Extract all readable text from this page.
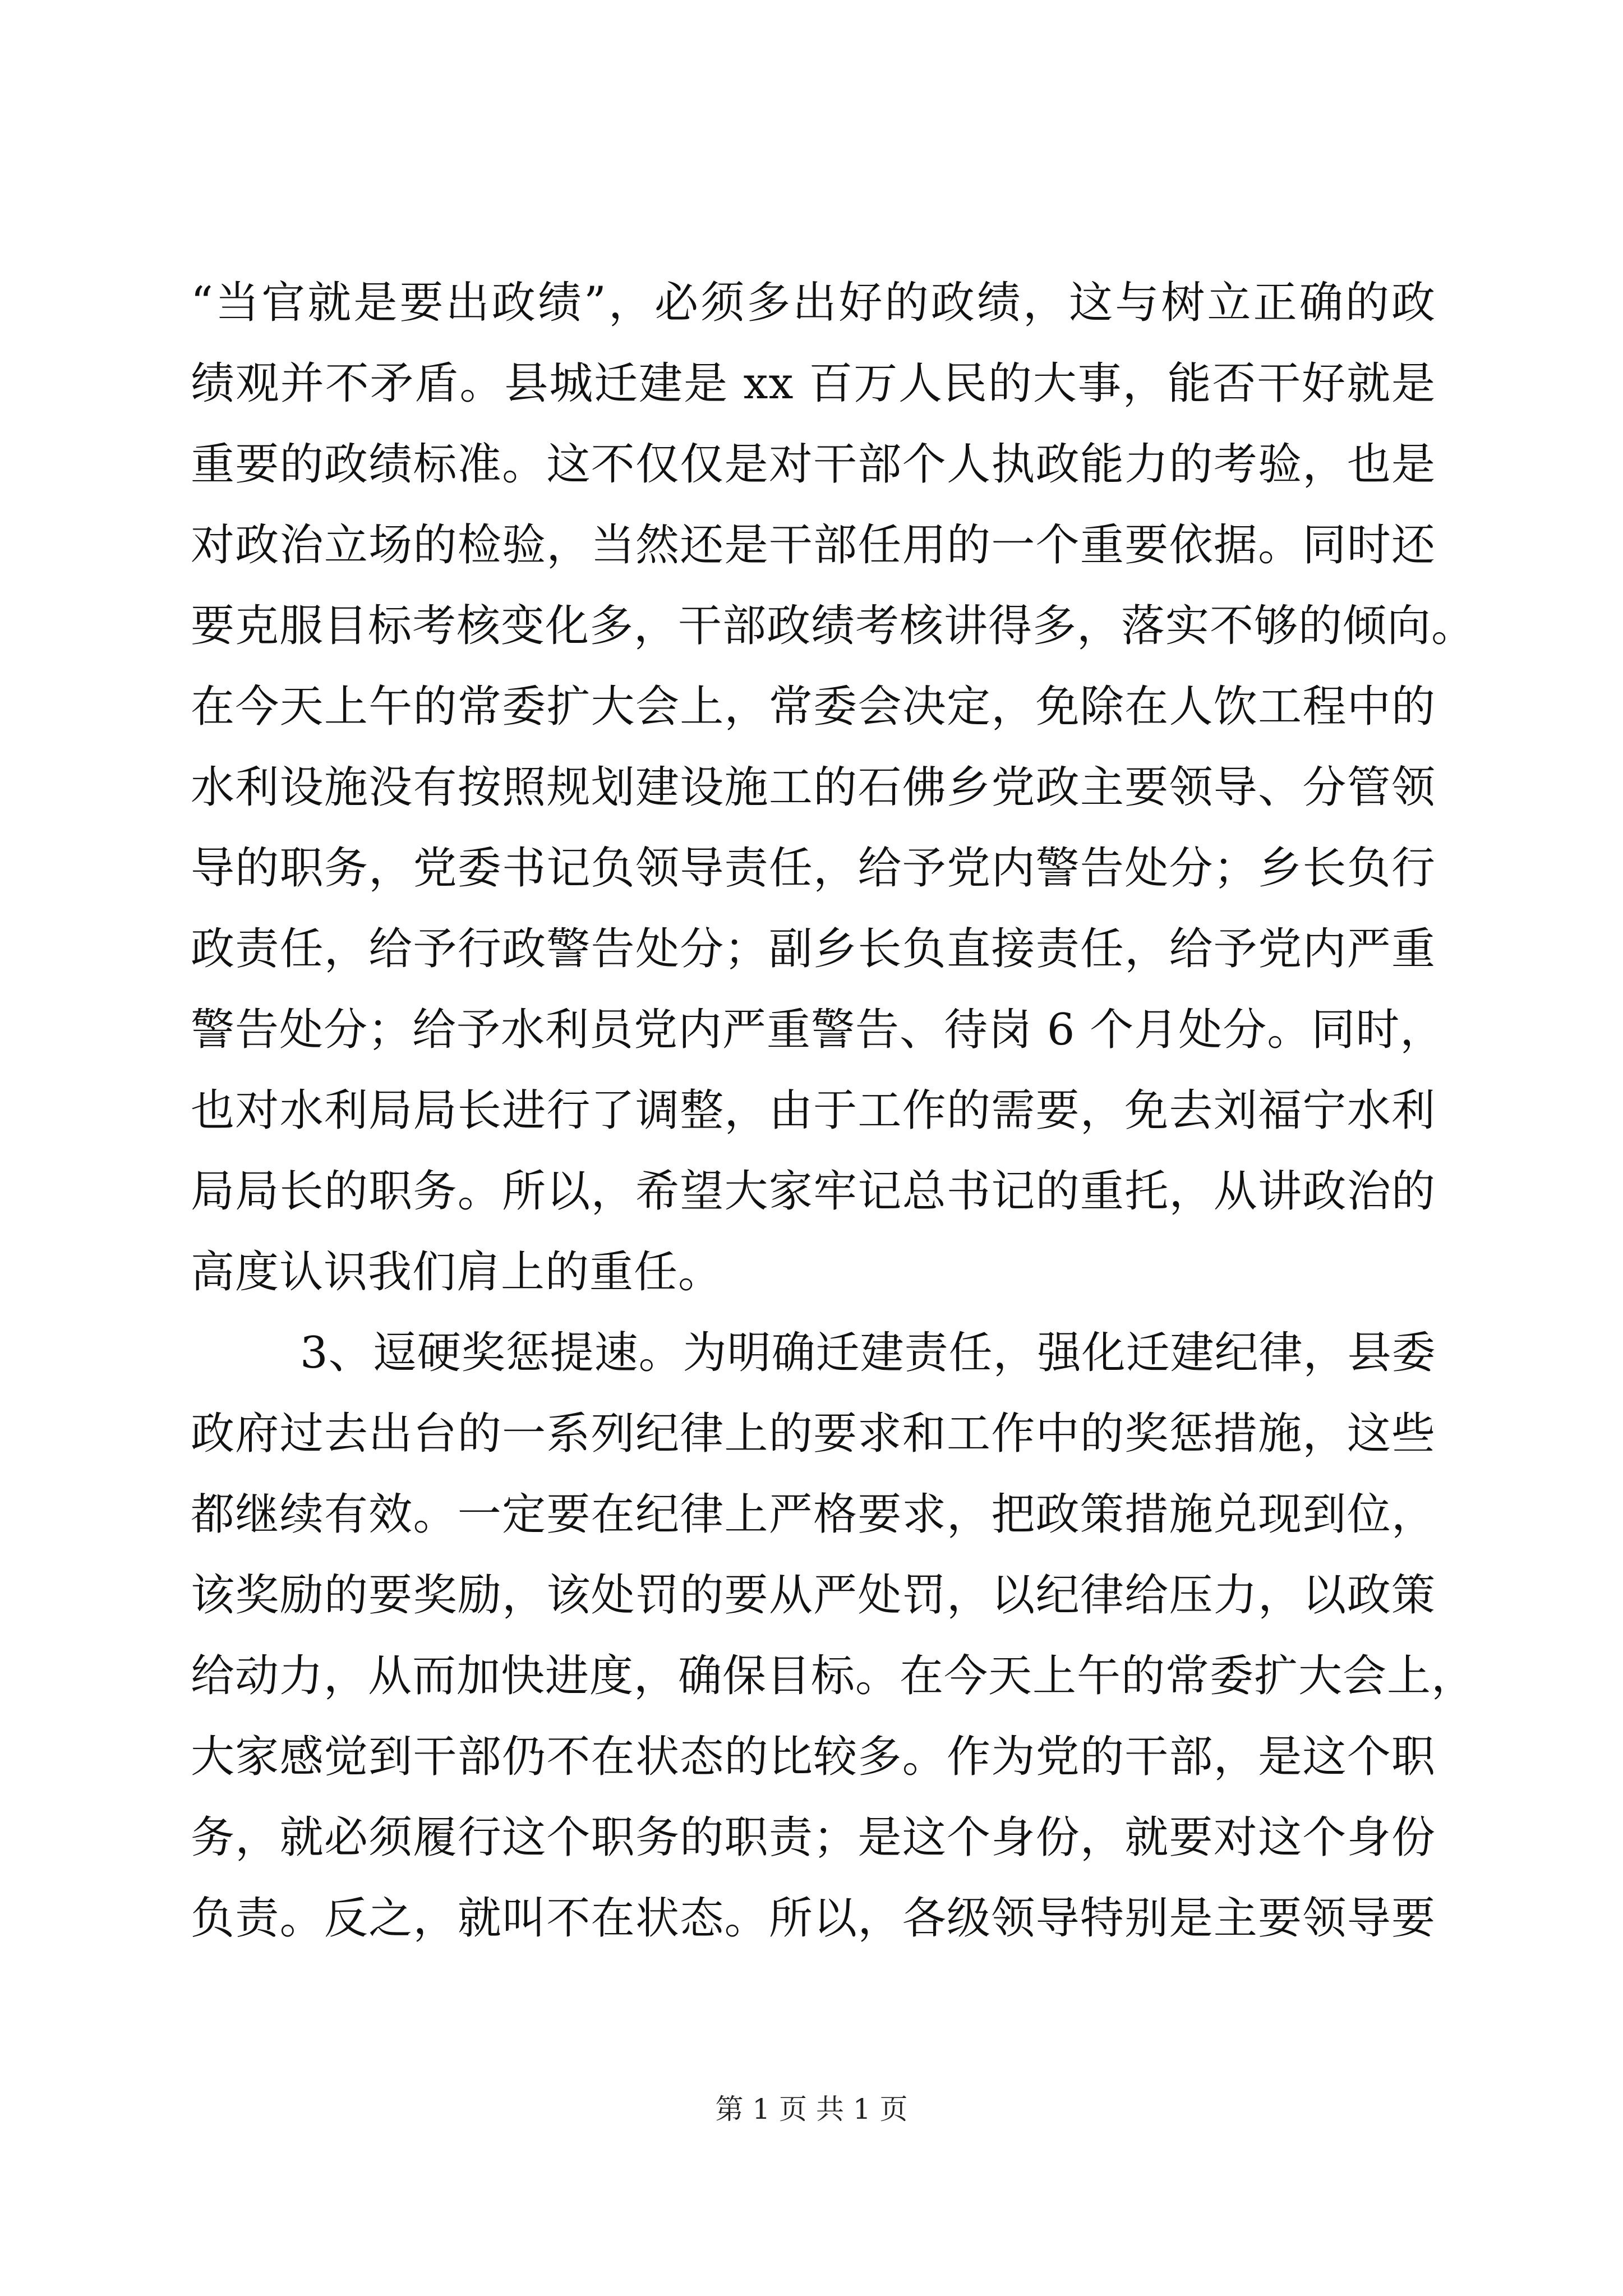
“当官就是要出政绩”，必须多出好的政绩，这与树立正确的政
绩观并不矛盾。县城迁建是 xx 百万人民的大事，能否干好就是
重要的政绩标准。这不仅仅是对干部个人执政能力的考验，也是
对政治立场的检验，当然还是干部任用的一个重要依据。同时还
要克服目标考核变化多，干部政绩考核讲得多，落实不够的倾向。
在今天上午的常委扩大会上，常委会决定，免除在人饮工程中的
水利设施没有按照规划建设施工的石佛乡党政主要领导、分管领
导的职务，党委书记负领导责任，给予党内警告处分；乡长负行
政责任，给予行政警告处分；副乡长负直接责任，给予党内严重
警告处分；给予水利员党内严重警告、待岗 6 个月处分。同时，
也对水利局局长进行了调整，由于工作的需要，免去刘福宁水利
局局长的职务。所以，希望大家牢记总书记的重托，从讲政治的
高度认识我们肩上的重任。
3、逗硬奖惩提速。为明确迁建责任，强化迁建纪律，县委
政府过去出台的一系列纪律上的要求和工作中的奖惩措施，这些
都继续有效。一定要在纪律上严格要求，把政策措施兑现到位，
该奖励的要奖励，该处罚的要从严处罚，以纪律给压力，以政策
给动力，从而加快进度，确保目标。在今天上午的常委扩大会上，
大家感觉到干部仍不在状态的比较多。作为党的干部，是这个职
务，就必须履行这个职务的职责；是这个身份，就要对这个身份
负责。反之，就叫不在状态。所以，各级领导特别是主要领导要
第 1 页 共 1 页
